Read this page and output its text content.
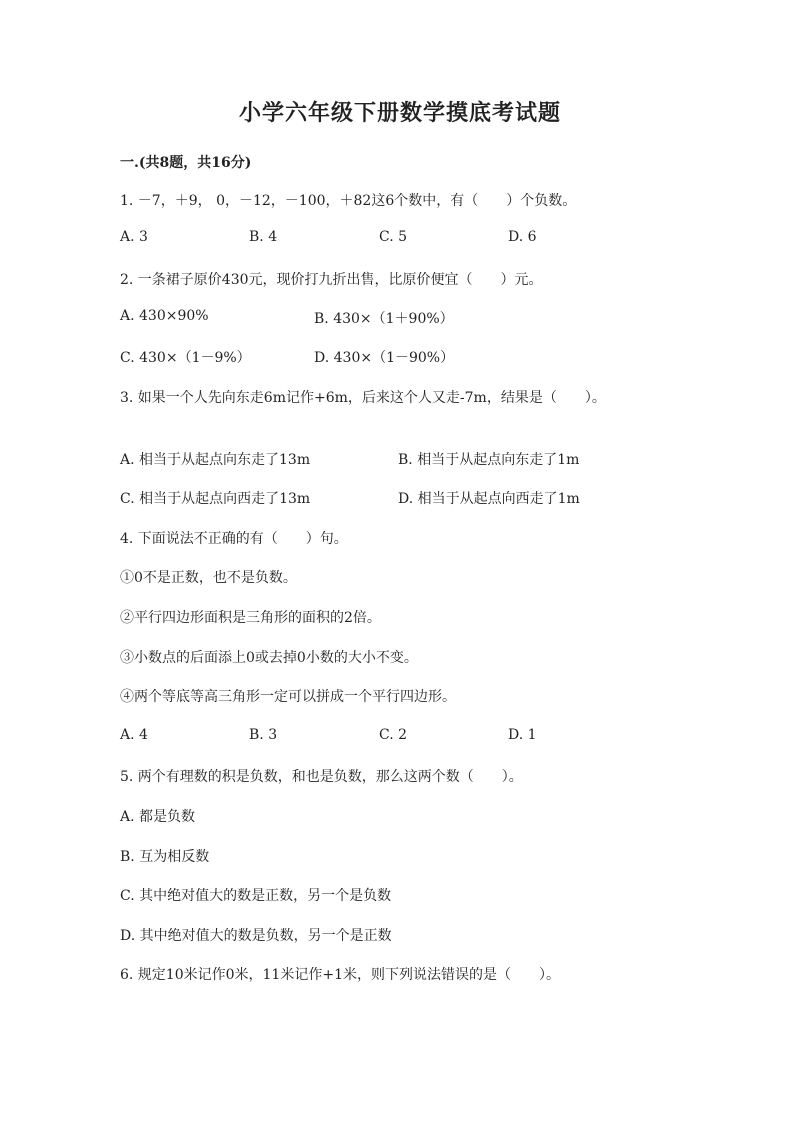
小学六年级下册数学摸底考试题
一.(共8题，共16分)
1. －7，＋9， 0，－12，－100，＋82这6个数中，有（　　）个负数。
A. 3	B. 4	C. 5	D. 6
2. 一条裙子原价430元，现价打九折出售，比原价便宜（　　）元。
A. 430×90%	B. 430×（1＋90%）
C. 430×（1－9%）	D. 430×（1－90%）
3. 如果一个人先向东走6m记作+6m，后来这个人又走-7m，结果是（　　）。
A. 相当于从起点向东走了13m	B. 相当于从起点向东走了1m
C. 相当于从起点向西走了13m	D. 相当于从起点向西走了1m
4. 下面说法不正确的有（　　）句。
①0不是正数，也不是负数。
②平行四边形面积是三角形的面积的2倍。
③小数点的后面添上0或去掉0小数的大小不变。
④两个等底等高三角形一定可以拼成一个平行四边形。
A. 4	B. 3	C. 2	D. 1
5. 两个有理数的积是负数，和也是负数，那么这两个数（　　）。
A. 都是负数
B. 互为相反数
C. 其中绝对值大的数是正数，另一个是负数
D. 其中绝对值大的数是负数，另一个是正数
6. 规定10米记作0米，11米记作+1米，则下列说法错误的是（　　）。
